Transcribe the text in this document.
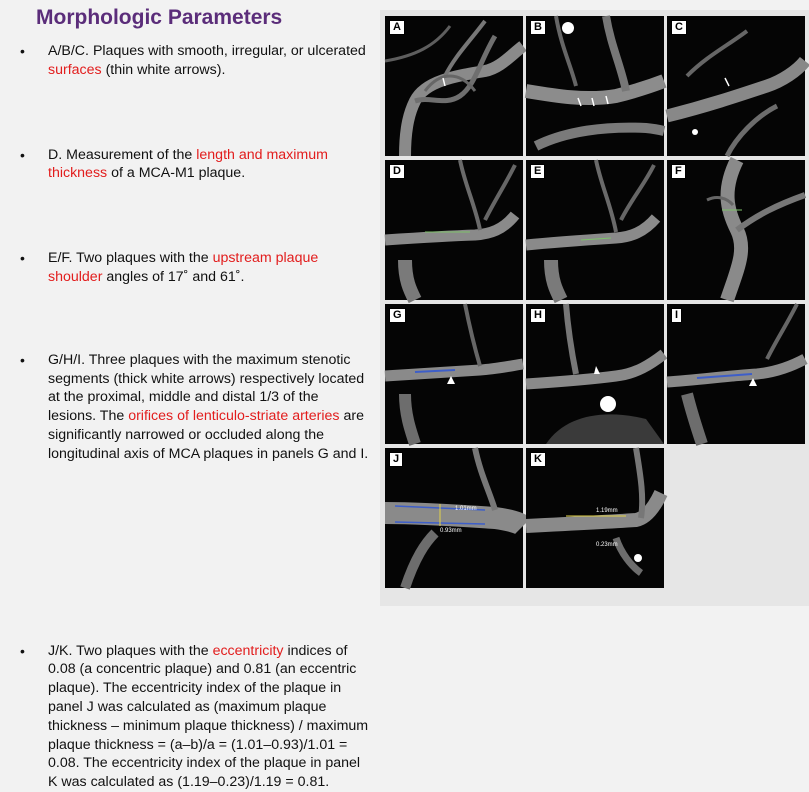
Morphologic Parameters
• A/B/C. Plaques with smooth, irregular, or ulcerated surfaces (thin white arrows).
• D. Measurement of the length and maximum thickness of a MCA-M1 plaque.
• E/F. Two plaques with the upstream plaque shoulder angles of 17˚ and 61˚.
• G/H/I. Three plaques with the maximum stenotic segments (thick white arrows) respectively located at the proximal, middle and distal 1/3 of the lesions. The orifices of lenticulo-striate arteries are significantly narrowed or occluded along the longitudinal axis of MCA plaques in panels G and I.
• J/K. Two plaques with the eccentricity indices of 0.08 (a concentric plaque) and 0.81 (an eccentric plaque). The eccentricity index of the plaque in panel J was calculated as (maximum plaque thickness – minimum plaque thickness) / maximum plaque thickness = (a–b)/a = (1.01–0.93)/1.01 = 0.08. The eccentricity index of the plaque in panel K was calculated as (1.19–0.23)/1.19 = 0.81.
A	B	C
D	E	F
G	H	I
1.01mm
0.93mm
J
1.19mm
0.23mm
K
